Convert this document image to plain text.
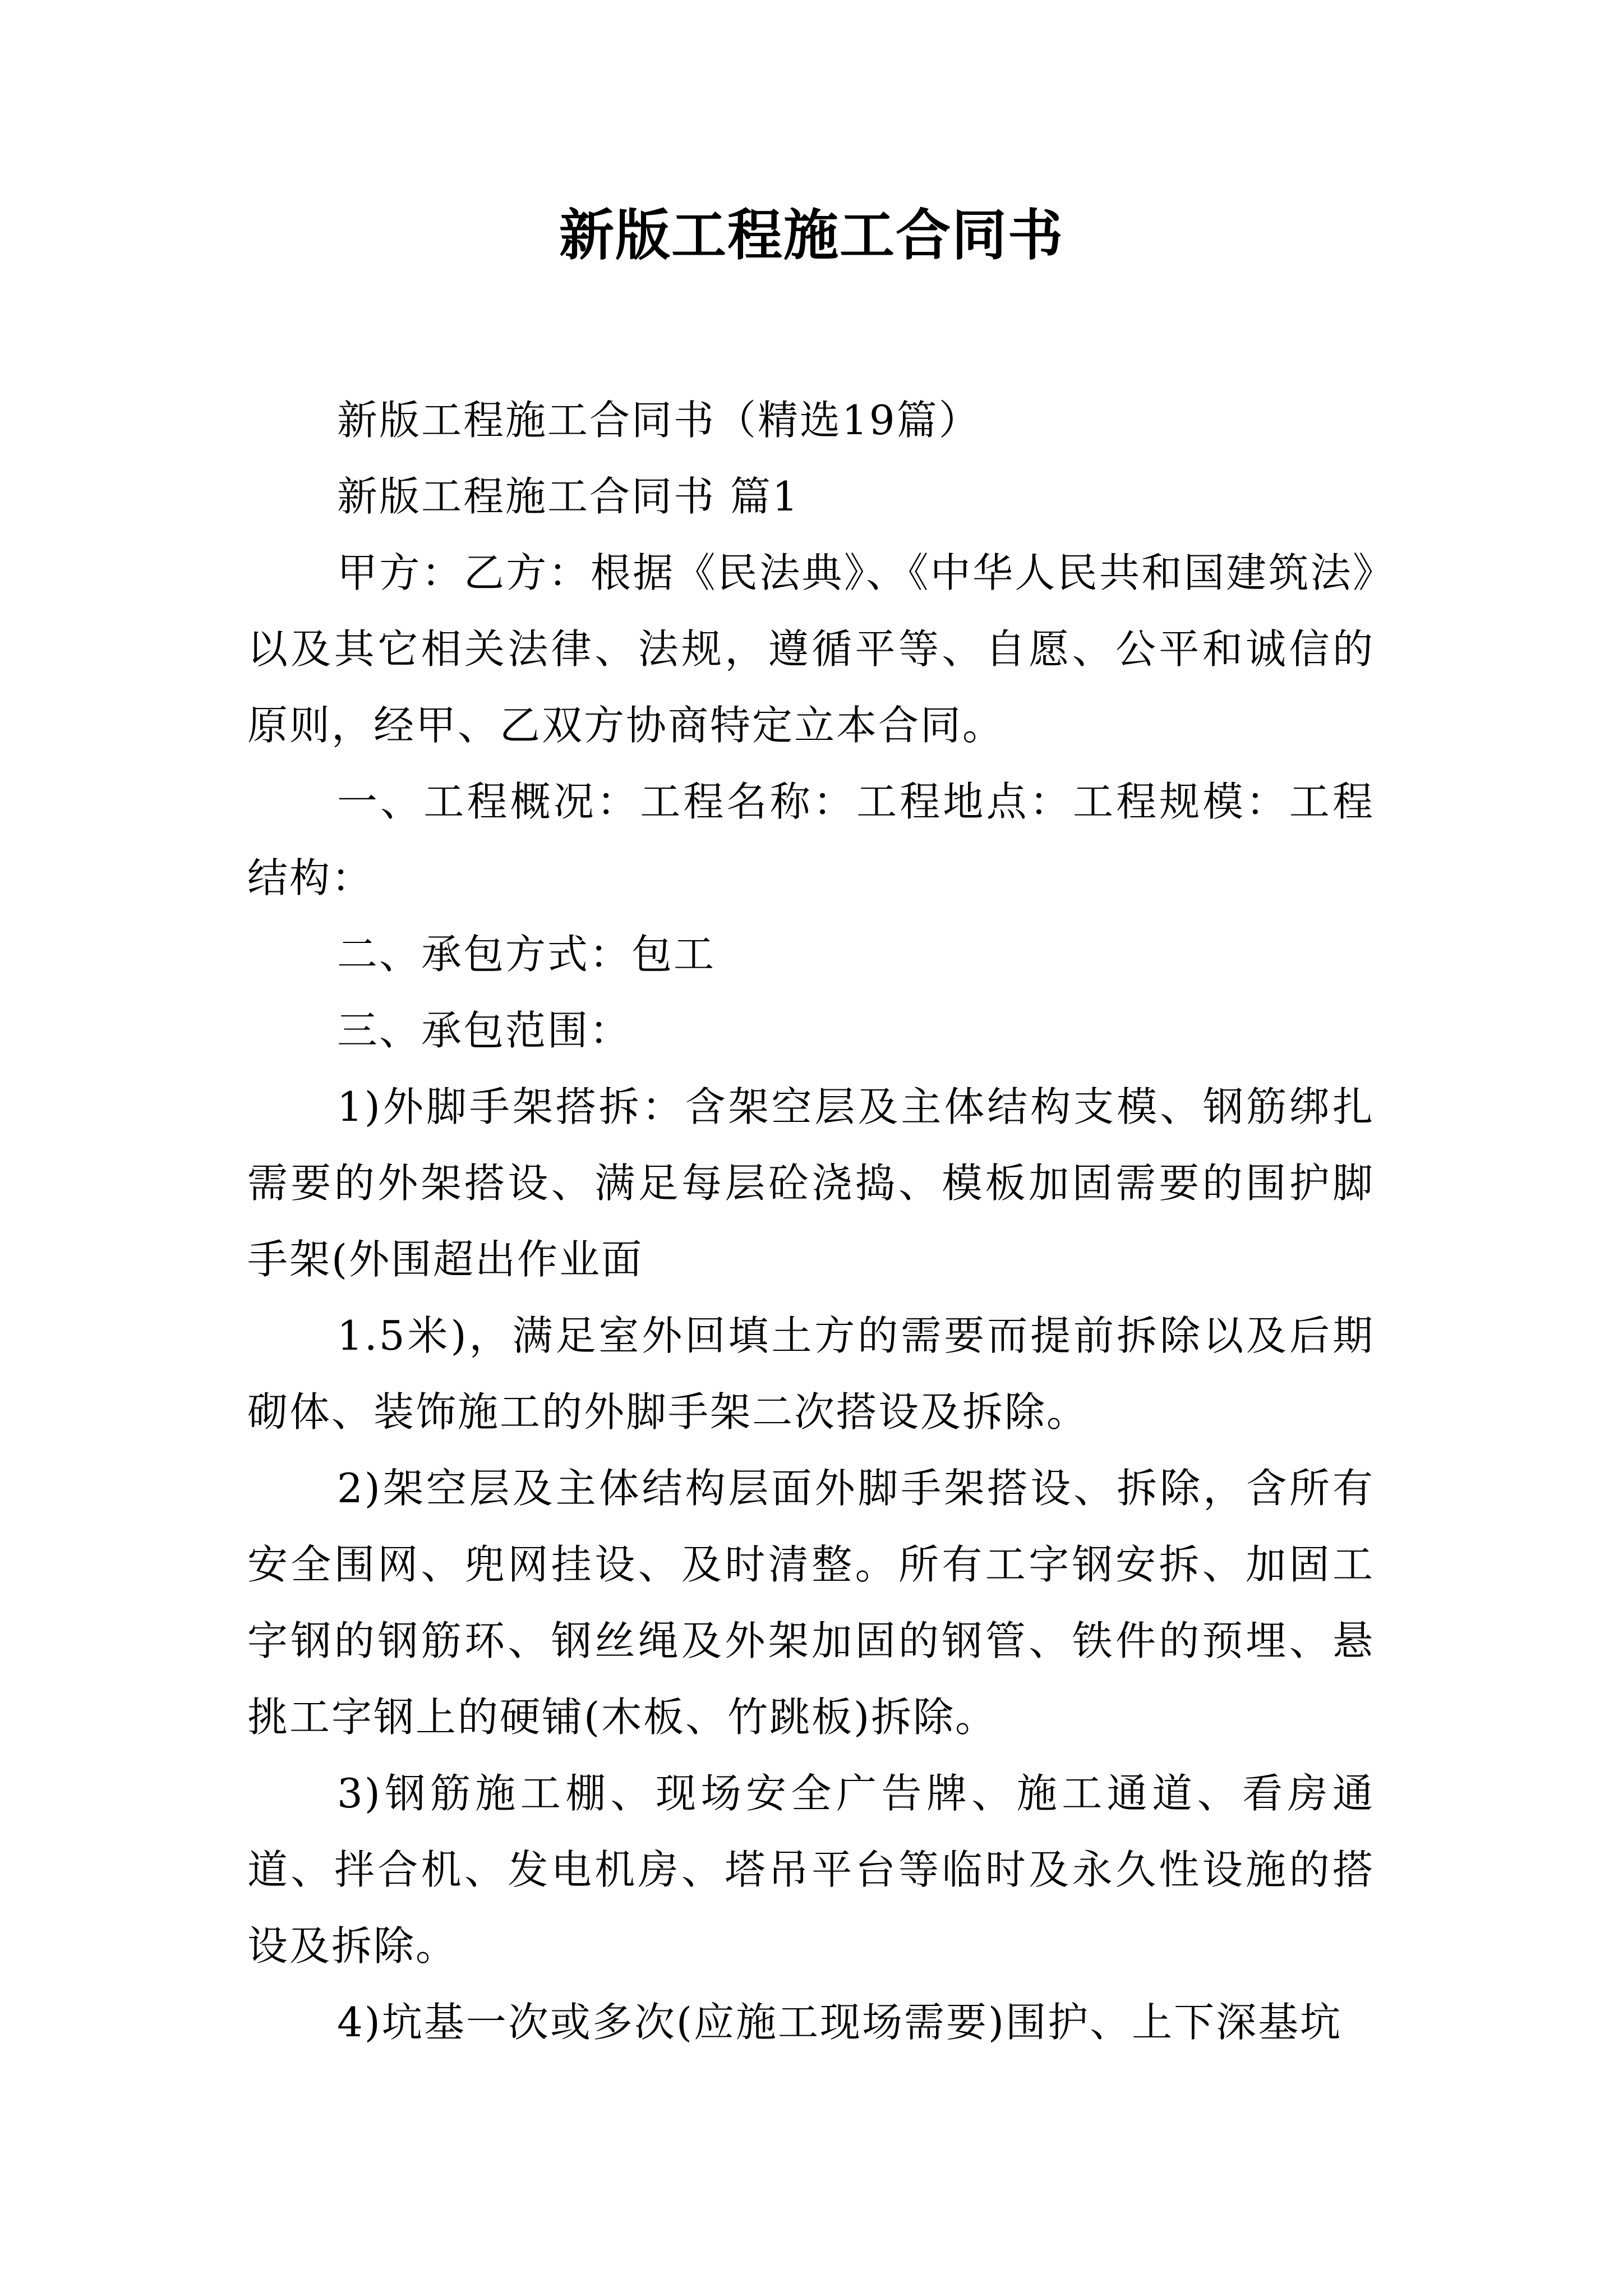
新版工程施工合同书

新版工程施工合同书（精选19篇）

新版工程施工合同书 篇1

甲方：乙方：根据《民法典》、《中华人民共和国建筑法》以及其它相关法律、法规，遵循平等、自愿、公平和诚信的原则，经甲、乙双方协商特定立本合同。

一、工程概况：工程名称：工程地点：工程规模：工程结构：

二、承包方式：包工

三、承包范围：

1)外脚手架搭拆：含架空层及主体结构支模、钢筋绑扎需要的外架搭设、满足每层砼浇捣、模板加固需要的围护脚手架(外围超出作业面

1.5米)，满足室外回填土方的需要而提前拆除以及后期砌体、装饰施工的外脚手架二次搭设及拆除。

2)架空层及主体结构层面外脚手架搭设、拆除，含所有安全围网、兜网挂设、及时清整。所有工字钢安拆、加固工字钢的钢筋环、钢丝绳及外架加固的钢管、铁件的预埋、悬挑工字钢上的硬铺(木板、竹跳板)拆除。

3)钢筋施工棚、现场安全广告牌、施工通道、看房通道、拌合机、发电机房、塔吊平台等临时及永久性设施的搭设及拆除。

4)坑基一次或多次(应施工现场需要)围护、上下深基坑
